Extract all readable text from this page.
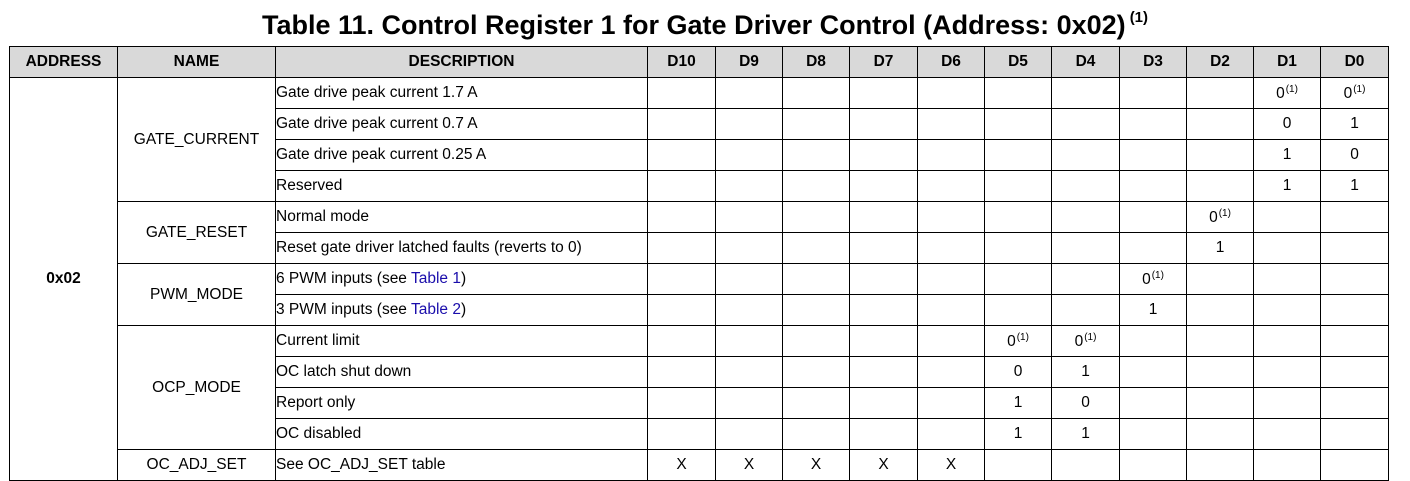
Table 11. Control Register 1 for Gate Driver Control (Address: 0x02) $^{(1)}$
ADDRESS	NAME	DESCRIPTION	D10	D9	D8	D7	D6	D5	D4	D3	D2	D1	D0
0x02	GATE_CURRENT	Gate drive peak current 1.7 A										0$^{(1)}$	0$^{(1)}$
		Gate drive peak current 0.7 A										0	1
		Gate drive peak current 0.25 A										1	0
		Reserved										1	1
	GATE_RESET	Normal mode									0$^{(1)}$		
		Reset gate driver latched faults (reverts to 0)									1		
	PWM_MODE	6 PWM inputs (see Table 1)								0$^{(1)}$			
		3 PWM inputs (see Table 2)								1			
	OCP_MODE	Current limit						0$^{(1)}$	0$^{(1)}$				
		OC latch shut down						0	1				
		Report only						1	0				
		OC disabled						1	1				
	OC_ADJ_SET	See OC_ADJ_SET table	X	X	X	X	X						
